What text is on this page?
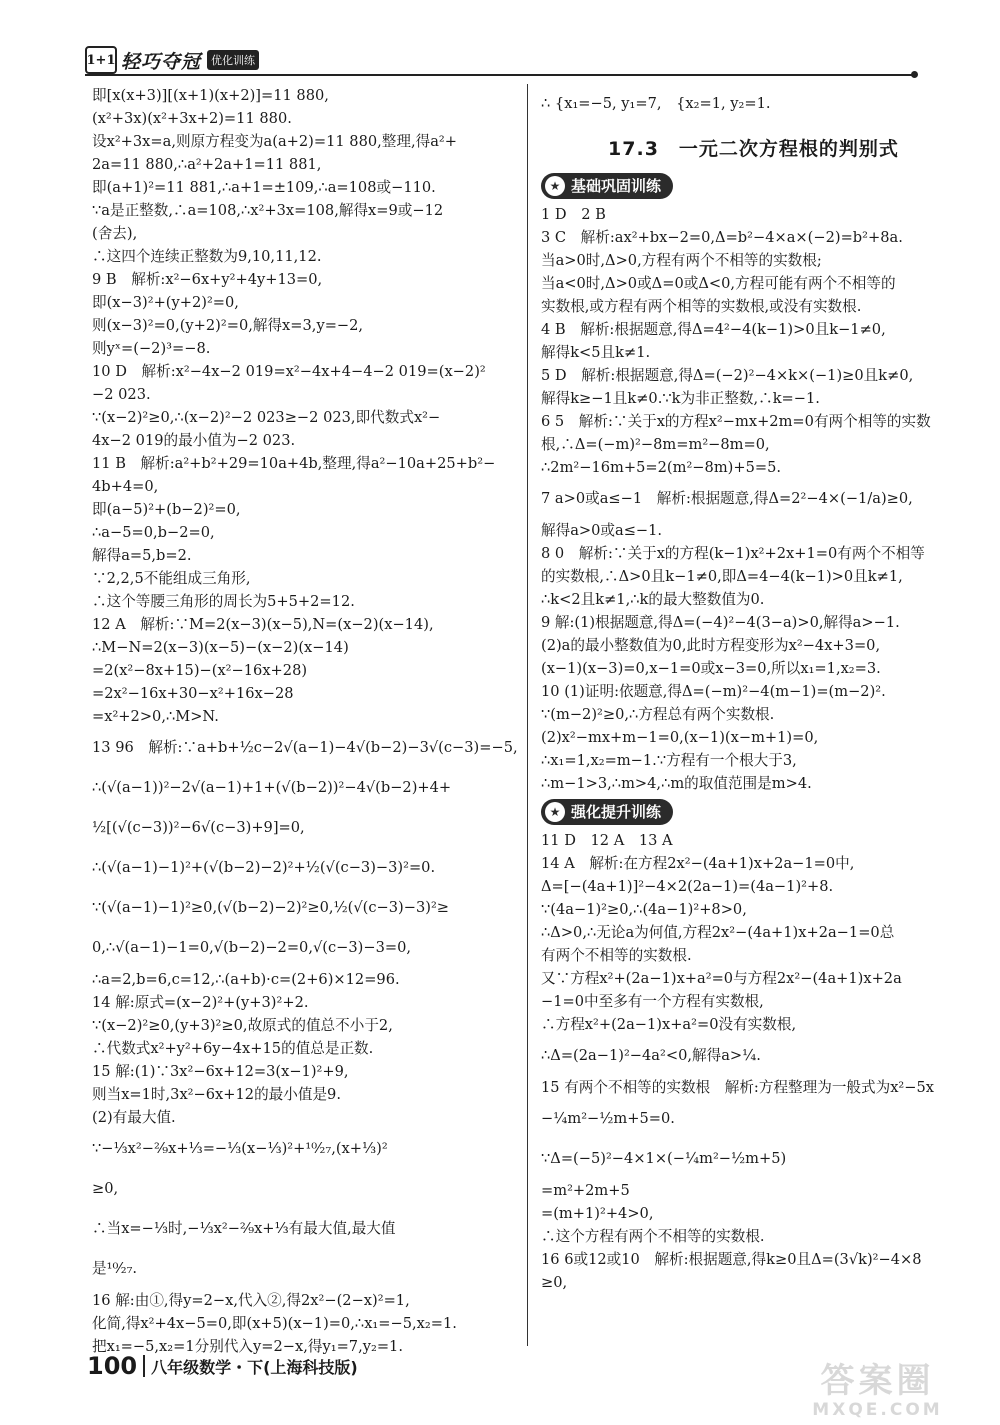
1+1 轻巧夺冠 优化训练
即[x(x+3)][(x+1)(x+2)]=11 880,
(x²+3x)(x²+3x+2)=11 880.
设x²+3x=a,则原方程变为a(a+2)=11 880,整理,得a²+
2a=11 880,∴a²+2a+1=11 881,
即(a+1)²=11 881,∴a+1=±109,∴a=108或−110.
∵a是正整数,∴a=108,∴x²+3x=108,解得x=9或−12
(舍去),
∴这四个连续正整数为9,10,11,12.
9 B　解析:x²−6x+y²+4y+13=0,
即(x−3)²+(y+2)²=0,
则(x−3)²=0,(y+2)²=0,解得x=3,y=−2,
则yˣ=(−2)³=−8.
10 D　解析:x²−4x−2 019=x²−4x+4−4−2 019=(x−2)²
−2 023.
∵(x−2)²≥0,∴(x−2)²−2 023≥−2 023,即代数式x²−
4x−2 019的最小值为−2 023.
11 B　解析:a²+b²+29=10a+4b,整理,得a²−10a+25+b²−
4b+4=0,
即(a−5)²+(b−2)²=0,
∴a−5=0,b−2=0,
解得a=5,b=2.
∵2,2,5不能组成三角形,
∴这个等腰三角形的周长为5+5+2=12.
12 A　解析:∵M=2(x−3)(x−5),N=(x−2)(x−14),
∴M−N=2(x−3)(x−5)−(x−2)(x−14)
=2(x²−8x+15)−(x²−16x+28)
=2x²−16x+30−x²+16x−28
=x²+2>0,∴M>N.
13 96　解析:∵a+b+½c−2√(a−1)−4√(b−2)−3√(c−3)=−5,
∴(√(a−1))²−2√(a−1)+1+(√(b−2))²−4√(b−2)+4+
½[(√(c−3))²−6√(c−3)+9]=0,
∴(√(a−1)−1)²+(√(b−2)−2)²+½(√(c−3)−3)²=0.
∵(√(a−1)−1)²≥0,(√(b−2)−2)²≥0,½(√(c−3)−3)²≥
0,∴√(a−1)−1=0,√(b−2)−2=0,√(c−3)−3=0,
∴a=2,b=6,c=12,∴(a+b)·c=(2+6)×12=96.
14 解:原式=(x−2)²+(y+3)²+2.
∵(x−2)²≥0,(y+3)²≥0,故原式的值总不小于2,
∴代数式x²+y²+6y−4x+15的值总是正数.
15 解:(1)∵3x²−6x+12=3(x−1)²+9,
则当x=1时,3x²−6x+12的最小值是9.
(2)有最大值.
∵−⅓x²−²⁄₉x+⅓=−⅓(x−⅓)²+¹⁰⁄₂₇,(x+⅓)²
≥0,
∴当x=−⅓时,−⅓x²−²⁄₉x+⅓有最大值,最大值
是¹⁰⁄₂₇.
16 解:由①,得y=2−x,代入②,得2x²−(2−x)²=1,
化简,得x²+4x−5=0,即(x+5)(x−1)=0,∴x₁=−5,x₂=1.
把x₁=−5,x₂=1分别代入y=2−x,得y₁=7,y₂=1.
∴ {x₁=−5, y₁=7,　{x₂=1, y₂=1.
17.3　一元二次方程根的判别式
★ 基础巩固训练
1 D　2 B
3 C　解析:ax²+bx−2=0,Δ=b²−4×a×(−2)=b²+8a.
当a>0时,Δ>0,方程有两个不相等的实数根;
当a<0时,Δ>0或Δ=0或Δ<0,方程可能有两个不相等的
实数根,或方程有两个相等的实数根,或没有实数根.
4 B　解析:根据题意,得Δ=4²−4(k−1)>0且k−1≠0,
解得k<5且k≠1.
5 D　解析:根据题意,得Δ=(−2)²−4×k×(−1)≥0且k≠0,
解得k≥−1且k≠0.∵k为非正整数,∴k=−1.
6 5　解析:∵关于x的方程x²−mx+2m=0有两个相等的实数
根,∴Δ=(−m)²−8m=m²−8m=0,
∴2m²−16m+5=2(m²−8m)+5=5.
7 a>0或a≤−1　解析:根据题意,得Δ=2²−4×(−1/a)≥0,
解得a>0或a≤−1.
8 0　解析:∵关于x的方程(k−1)x²+2x+1=0有两个不相等
的实数根,∴Δ>0且k−1≠0,即Δ=4−4(k−1)>0且k≠1,
∴k<2且k≠1,∴k的最大整数值为0.
9 解:(1)根据题意,得Δ=(−4)²−4(3−a)>0,解得a>−1.
(2)a的最小整数值为0,此时方程变形为x²−4x+3=0,
(x−1)(x−3)=0,x−1=0或x−3=0,所以x₁=1,x₂=3.
10 (1)证明:依题意,得Δ=(−m)²−4(m−1)=(m−2)².
∵(m−2)²≥0,∴方程总有两个实数根.
(2)x²−mx+m−1=0,(x−1)(x−m+1)=0,
∴x₁=1,x₂=m−1.∵方程有一个根大于3,
∴m−1>3,∴m>4,∴m的取值范围是m>4.
★ 强化提升训练
11 D　12 A　13 A
14 A　解析:在方程2x²−(4a+1)x+2a−1=0中,
Δ=[−(4a+1)]²−4×2(2a−1)=(4a−1)²+8.
∵(4a−1)²≥0,∴(4a−1)²+8>0,
∴Δ>0,∴无论a为何值,方程2x²−(4a+1)x+2a−1=0总
有两个不相等的实数根.
又∵方程x²+(2a−1)x+a²=0与方程2x²−(4a+1)x+2a
−1=0中至多有一个方程有实数根,
∴方程x²+(2a−1)x+a²=0没有实数根,
∴Δ=(2a−1)²−4a²<0,解得a>¼.
15 有两个不相等的实数根　解析:方程整理为一般式为x²−5x
−¼m²−½m+5=0.
∵Δ=(−5)²−4×1×(−¼m²−½m+5)
=m²+2m+5
=(m+1)²+4>0,
∴这个方程有两个不相等的实数根.
16 6或12或10　解析:根据题意,得k≥0且Δ=(3√k)²−4×8
≥0,
100 八年级数学・下(上海科技版)	答案圈
MXQE.COM
